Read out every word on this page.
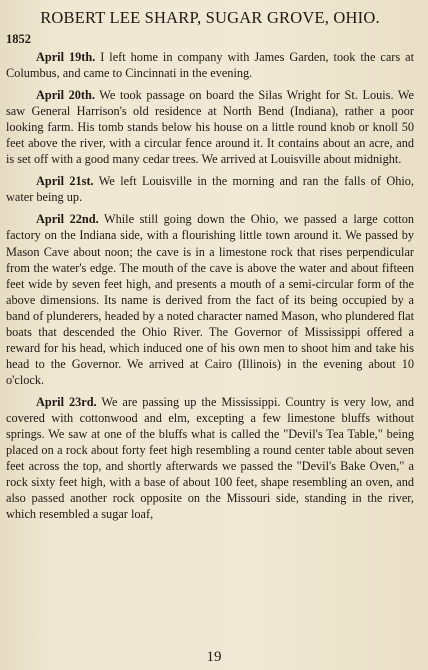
ROBERT LEE SHARP, SUGAR GROVE, OHIO.
1852

April 19th. I left home in company with James Garden, took the cars at Columbus, and came to Cincinnati in the evening.

April 20th. We took passage on board the Silas Wright for St. Louis. We saw General Harrison's old residence at North Bend (Indiana), rather a poor looking farm. His tomb stands below his house on a little round knob or knoll 50 feet above the river, with a circular fence around it. It contains about an acre, and is set off with a good many cedar trees. We arrived at Louisville about midnight.

April 21st. We left Louisville in the morning and ran the falls of Ohio, water being up.

April 22nd. While still going down the Ohio, we passed a large cotton factory on the Indiana side, with a flourishing little town around it. We passed by Mason Cave about noon; the cave is in a limestone rock that rises perpendicular from the water's edge. The mouth of the cave is above the water and about fifteen feet wide by seven feet high, and presents a mouth of a semi-circular form of the above dimensions. Its name is derived from the fact of its being occupied by a band of plunderers, headed by a noted character named Mason, who plundered flat boats that descended the Ohio River. The Governor of Mississippi offered a reward for his head, which induced one of his own men to shoot him and take his head to the Governor. We arrived at Cairo (Illinois) in the evening about 10 o'clock.

April 23rd. We are passing up the Mississippi. Country is very low, and covered with cottonwood and elm, excepting a few limestone bluffs without springs. We saw at one of the bluffs what is called the "Devil's Tea Table," being placed on a rock about forty feet high resembling a round center table about seven feet across the top, and shortly afterwards we passed the "Devil's Bake Oven," a rock sixty feet high, with a base of about 100 feet, shape resembling an oven, and also passed another rock opposite on the Missouri side, standing in the river, which resembled a sugar loaf,

19
